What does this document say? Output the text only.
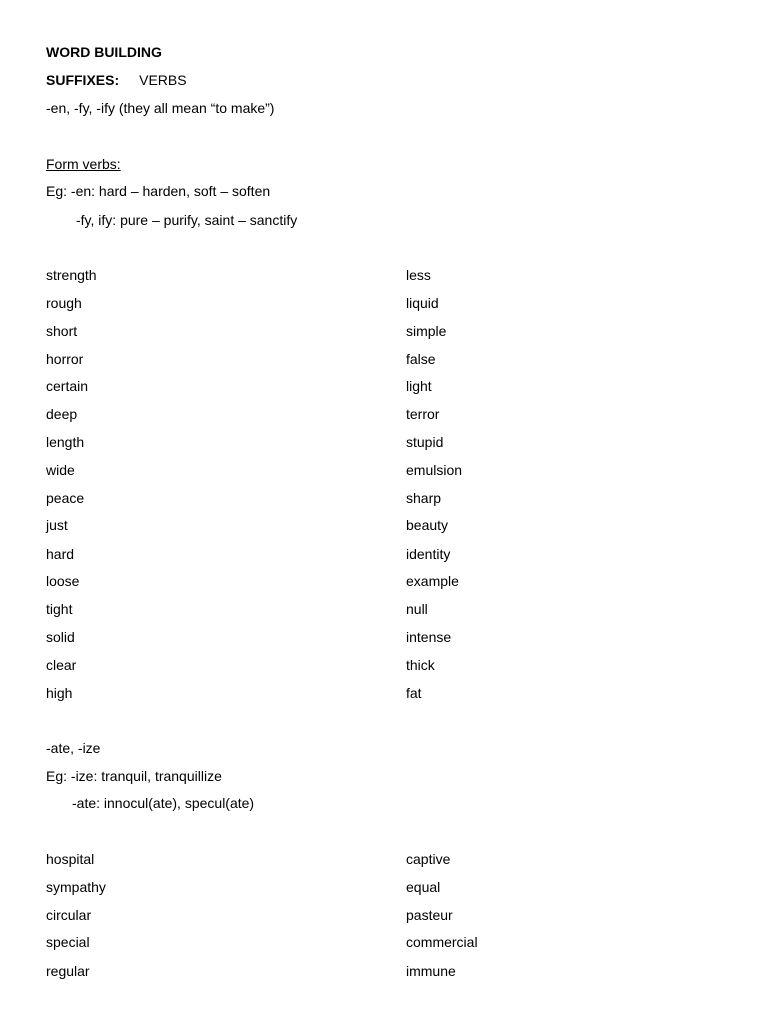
WORD BUILDING
SUFFIXES: VERBS
-en, -fy, -ify (they all mean “to make”)
Form verbs:
Eg: -en: hard – harden, soft – soften
-fy, ify: pure – purify, saint – sanctify
strength	less
rough	liquid
short	simple
horror	false
certain	light
deep	terror
length	stupid
wide	emulsion
peace	sharp
just	beauty
hard	identity
loose	example
tight	null
solid	intense
clear	thick
high	fat
-ate, -ize
Eg: -ize: tranquil, tranquillize
-ate: innocul(ate), specul(ate)
hospital	captive
sympathy	equal
circular	pasteur
special	commercial
regular	immune
